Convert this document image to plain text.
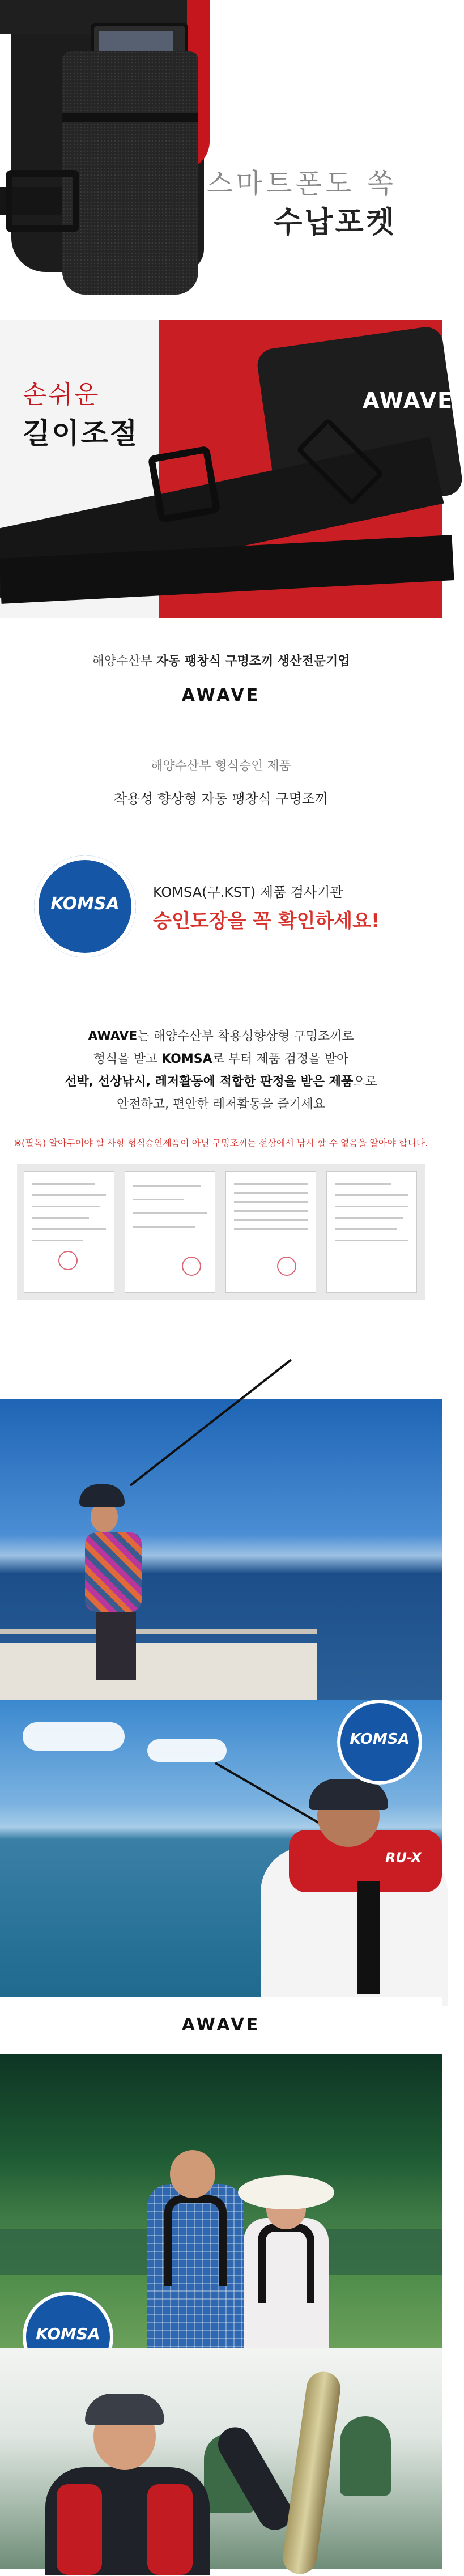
스마트폰도 쏙
수납포켓
AWAVE
손쉬운
길이조절
해양수산부 자동 팽창식 구명조끼 생산전문기업
AWAVE
해양수산부 형식승인 제품
착용성 향상형 자동 팽창식 구명조끼
KOMSA
KOMSA(구.KST) 제품 검사기관
승인도장을 꼭 확인하세요!
AWAVE는 해양수산부 착용성향상형 구명조끼로
형식을 받고 KOMSA로 부터 제품 검정을 받아
선박, 선상낚시, 레저활동에 적합한 판정을 받은 제품으로
안전하고, 편안한 레저활동을 즐기세요
※(필독) 알아두어야 할 사항 형식승인제품이 아닌 구명조끼는 선상에서 낚시 할 수 없음을 알아야 합니다.
RU-X
KOMSA
AWAVE
KOMSA
